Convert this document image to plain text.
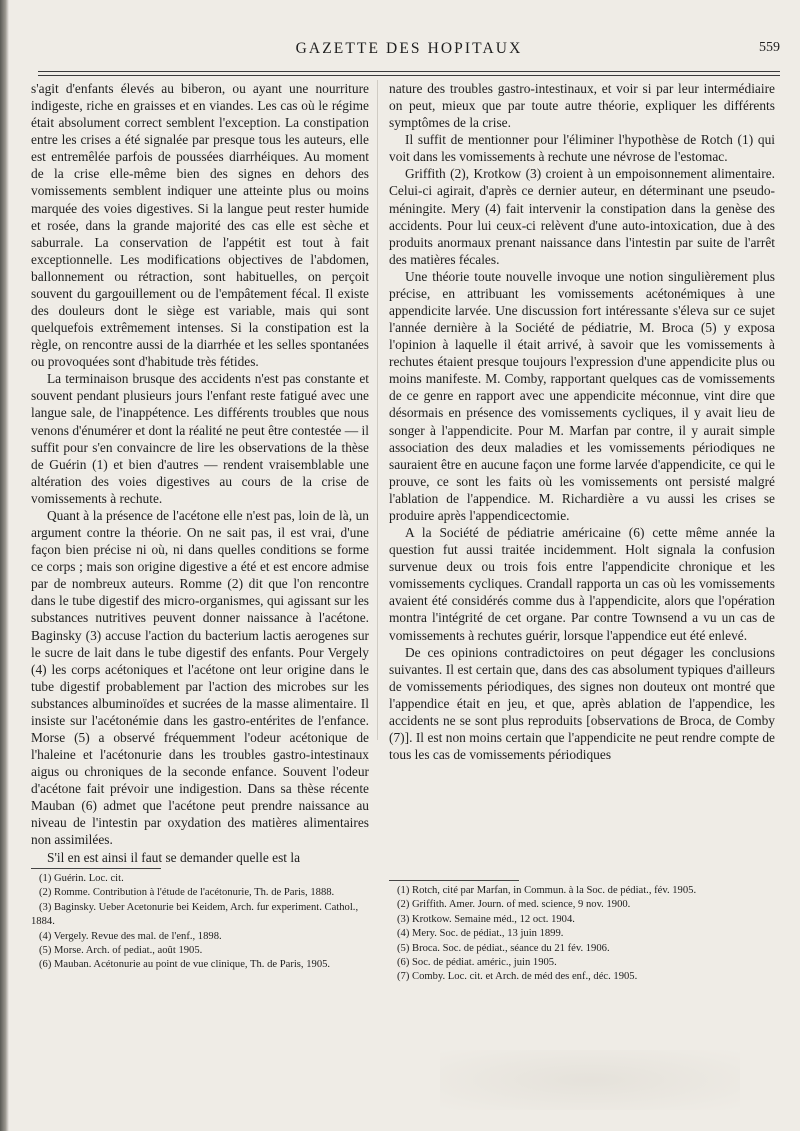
GAZETTE DES HOPITAUX	559

s'agit d'enfants élevés au biberon, ou ayant une nourriture indigeste, riche en graisses et en viandes. Les cas où le régime était absolument correct semblent l'exception. La constipation entre les crises a été signalée par presque tous les auteurs, elle est entremêlée parfois de poussées diarrhéiques. Au moment de la crise elle-même bien des signes en dehors des vomissements semblent indiquer une atteinte plus ou moins marquée des voies digestives. Si la langue peut rester humide et rosée, dans la grande majorité des cas elle est sèche et saburrale. La conservation de l'appétit est tout à fait exceptionnelle. Les modifications objectives de l'abdomen, ballonnement ou rétraction, sont habituelles, on perçoit souvent du gargouillement ou de l'empâtement fécal. Il existe des douleurs dont le siège est variable, mais qui sont quelquefois extrêmement intenses. Si la constipation est la règle, on rencontre aussi de la diarrhée et les selles spontanées ou provoquées sont d'habitude très fétides.

La terminaison brusque des accidents n'est pas constante et souvent pendant plusieurs jours l'enfant reste fatigué avec une langue sale, de l'inappétence. Les différents troubles que nous venons d'énumérer et dont la réalité ne peut être contestée — il suffit pour s'en convaincre de lire les observations de la thèse de Guérin (1) et bien d'autres — rendent vraisemblable une altération des voies digestives au cours de la crise de vomissements à rechute.

Quant à la présence de l'acétone elle n'est pas, loin de là, un argument contre la théorie. On ne sait pas, il est vrai, d'une façon bien précise ni où, ni dans quelles conditions se forme ce corps ; mais son origine digestive a été et est encore admise par de nombreux auteurs. Romme (2) dit que l'on rencontre dans le tube digestif des micro-organismes, qui agissant sur les substances nutritives peuvent donner naissance à l'acétone. Baginsky (3) accuse l'action du bacterium lactis aerogenes sur le sucre de lait dans le tube digestif des enfants. Pour Vergely (4) les corps acétoniques et l'acétone ont leur origine dans le tube digestif probablement par l'action des microbes sur les substances albuminoïdes et sucrées de la masse alimentaire. Il insiste sur l'acétonémie dans les gastro-entérites de l'enfance. Morse (5) a observé fréquemment l'odeur acétonique de l'haleine et l'acétonurie dans les troubles gastro-intestinaux aigus ou chroniques de la seconde enfance. Souvent l'odeur d'acétone fait prévoir une indigestion. Dans sa thèse récente Mauban (6) admet que l'acétone peut prendre naissance au niveau de l'intestin par oxydation des matières alimentaires non assimilées.

S'il en est ainsi il faut se demander quelle est la

nature des troubles gastro-intestinaux, et voir si par leur intermédiaire on peut, mieux que par toute autre théorie, expliquer les différents symptômes de la crise.

Il suffit de mentionner pour l'éliminer l'hypothèse de Rotch (1) qui voit dans les vomissements à rechute une névrose de l'estomac.

Griffith (2), Krotkow (3) croient à un empoisonnement alimentaire. Celui-ci agirait, d'après ce dernier auteur, en déterminant une pseudo-méningite. Mery (4) fait intervenir la constipation dans la genèse des accidents. Pour lui ceux-ci relèvent d'une auto-intoxication, due à des produits anormaux prenant naissance dans l'intestin par suite de l'arrêt des matières fécales.

Une théorie toute nouvelle invoque une notion singulièrement plus précise, en attribuant les vomissements acétonémiques à une appendicite larvée. Une discussion fort intéressante s'éleva sur ce sujet l'année dernière à la Société de pédiatrie, M. Broca (5) y exposa l'opinion à laquelle il était arrivé, à savoir que les vomissements à rechutes étaient presque toujours l'expression d'une appendicite plus ou moins manifeste. M. Comby, rapportant quelques cas de vomissements de ce genre en rapport avec une appendicite méconnue, vint dire que désormais en présence des vomissements cycliques, il y avait lieu de songer à l'appendicite. Pour M. Marfan par contre, il y aurait simple association des deux maladies et les vomissements périodiques ne sauraient être en aucune façon une forme larvée d'appendicite, ce qui le prouve, ce sont les faits où les vomissements ont persisté malgré l'ablation de l'appendice. M. Richardière a vu aussi les crises se produire après l'appendicectomie.

A la Société de pédiatrie américaine (6) cette même année la question fut aussi traitée incidemment. Holt signala la confusion survenue deux ou trois fois entre l'appendicite chronique et les vomissements cycliques. Crandall rapporta un cas où les vomissements avaient été considérés comme dus à l'appendicite, alors que l'opération montra l'intégrité de cet organe. Par contre Townsend a vu un cas de vomissements à rechutes guérir, lorsque l'appendice eut été enlevé.

De ces opinions contradictoires on peut dégager les conclusions suivantes. Il est certain que, dans des cas absolument typiques d'ailleurs de vomissements périodiques, des signes non douteux ont montré que l'appendice était en jeu, et que, après ablation de l'appendice, les accidents ne se sont plus reproduits [observations de Broca, de Comby (7)]. Il est non moins certain que l'appendicite ne peut rendre compte de tous les cas de vomissements périodiques

(1) Guérin. Loc. cit.

(2) Romme. Contribution à l'étude de l'acétonurie, Th. de Paris, 1888.

(3) Baginsky. Ueber Acetonurie bei Keidem, Arch. fur experiment. Cathol., 1884.

(4) Vergely. Revue des mal. de l'enf., 1898.

(5) Morse. Arch. of pediat., août 1905.

(6) Mauban. Acétonurie au point de vue clinique, Th. de Paris, 1905.

(1) Rotch, cité par Marfan, in Commun. à la Soc. de pédiat., fév. 1905.

(2) Griffith. Amer. Journ. of med. science, 9 nov. 1900.

(3) Krotkow. Semaine méd., 12 oct. 1904.

(4) Mery. Soc. de pédiat., 13 juin 1899.

(5) Broca. Soc. de pédiat., séance du 21 fév. 1906.

(6) Soc. de pédiat. améric., juin 1905.

(7) Comby. Loc. cit. et Arch. de méd des enf., déc. 1905.
